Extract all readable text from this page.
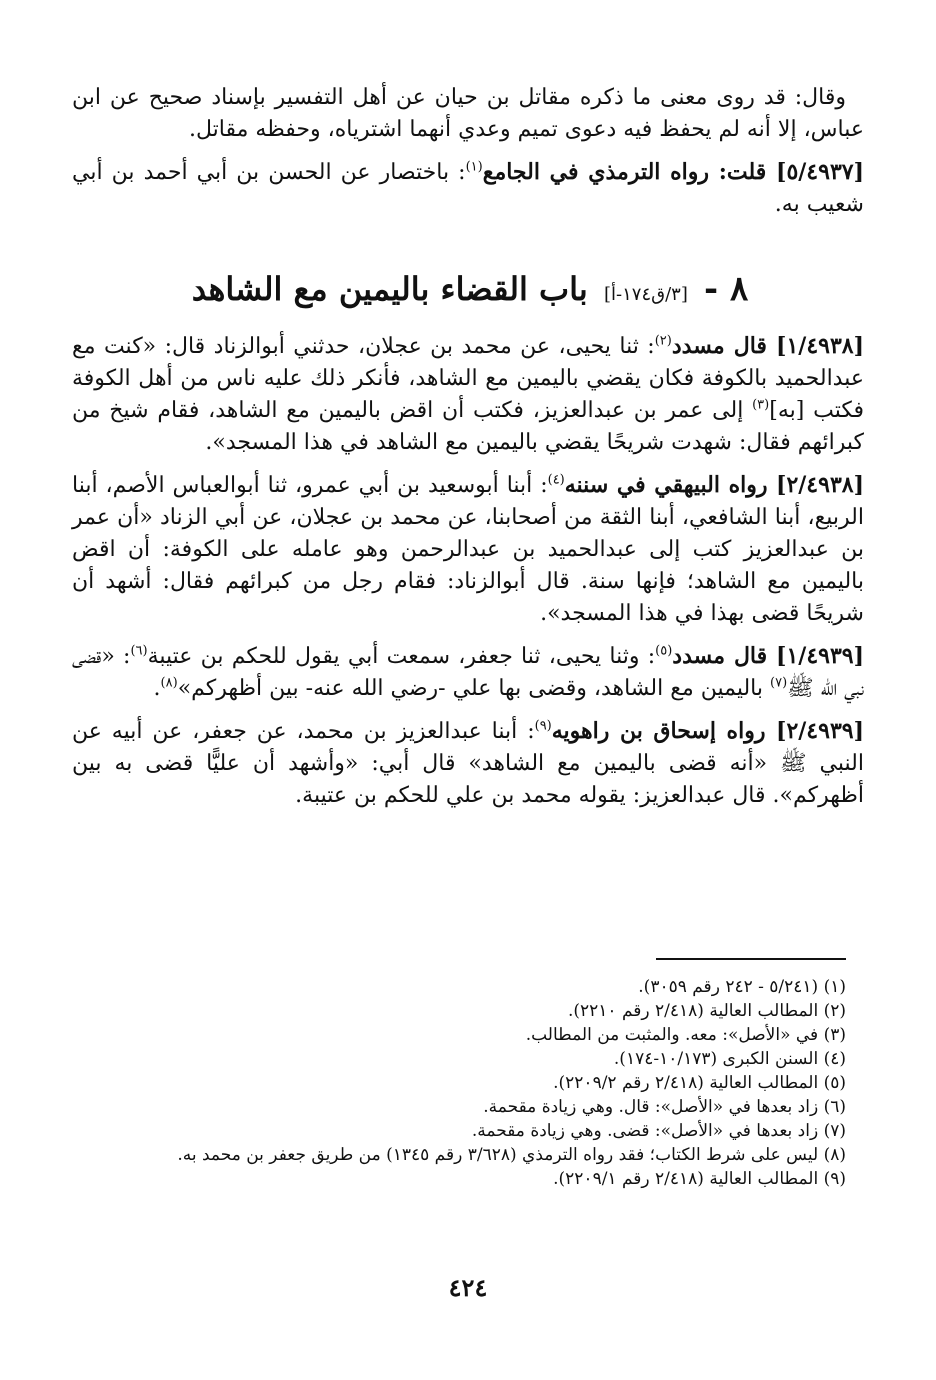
وقال: قد روى معنى ما ذكره مقاتل بن حيان عن أهل التفسير بإسناد صحيح عن ابن عباس، إلا أنه لم يحفظ فيه دعوى تميم وعدي أنهما اشترياه، وحفظه مقاتل.

[٥/٤٩٣٧] قلت: رواه الترمذي في الجامع$^{(١)}$: باختصار عن الحسن بن أبي أحمد بن أبي شعيب به.

٨ - [٣/ق١٧٤-أ] باب القضاء باليمين مع الشاهد

[١/٤٩٣٨] قال مسدد$^{(٢)}$: ثنا يحيى، عن محمد بن عجلان، حدثني أبوالزناد قال: «كنت مع عبدالحميد بالكوفة فكان يقضي باليمين مع الشاهد، فأنكر ذلك عليه ناس من أهل الكوفة فكتب [به]$^{(٣)}$ إلى عمر بن عبدالعزيز، فكتب أن اقض باليمين مع الشاهد، فقام شيخ من كبرائهم فقال: شهدت شريحًا يقضي باليمين مع الشاهد في هذا المسجد».

[٢/٤٩٣٨] رواه البيهقي في سننه$^{(٤)}$: أبنا أبوسعيد بن أبي عمرو، ثنا أبوالعباس الأصم، أبنا الربيع، أبنا الشافعي، أبنا الثقة من أصحابنا، عن محمد بن عجلان، عن أبي الزناد «أن عمر بن عبدالعزيز كتب إلى عبدالحميد بن عبدالرحمن وهو عامله على الكوفة: أن اقض باليمين مع الشاهد؛ فإنها سنة. قال أبوالزناد: فقام رجل من كبرائهم فقال: أشهد أن شريحًا قضى بهذا في هذا المسجد».

[١/٤٩٣٩] قال مسدد$^{(٥)}$: وثنا يحيى، ثنا جعفر، سمعت أبي يقول للحكم بن عتيبة$^{(٦)}$: «قضى نبي الله ﷺ$^{(٧)}$ باليمين مع الشاهد، وقضى بها علي -رضي الله عنه- بين أظهركم»$^{(٨)}$.

[٢/٤٩٣٩] رواه إسحاق بن راهويه$^{(٩)}$: أبنا عبدالعزيز بن محمد، عن جعفر، عن أبيه عن النبي ﷺ «أنه قضى باليمين مع الشاهد» قال أبي: «وأشهد أن عليًّا قضى به بين أظهركم». قال عبدالعزيز: يقوله محمد بن علي للحكم بن عتيبة.

(١) (٥/٢٤١ - ٢٤٢ رقم ٣٠٥٩).

(٢) المطالب العالية (٢/٤١٨ رقم ٢٢١٠).

(٣) في «الأصل»: معه. والمثبت من المطالب.

(٤) السنن الكبرى (١٠/١٧٣-١٧٤).

(٥) المطالب العالية (٢/٤١٨ رقم ٢٢٠٩/٢).

(٦) زاد بعدها في «الأصل»: قال. وهي زيادة مقحمة.

(٧) زاد بعدها في «الأصل»: قضى. وهي زيادة مقحمة.

(٨) ليس على شرط الكتاب؛ فقد رواه الترمذي (٣/٦٢٨ رقم ١٣٤٥) من طريق جعفر بن محمد به.

(٩) المطالب العالية (٢/٤١٨ رقم ٢٢٠٩/١).

٤٢٤
